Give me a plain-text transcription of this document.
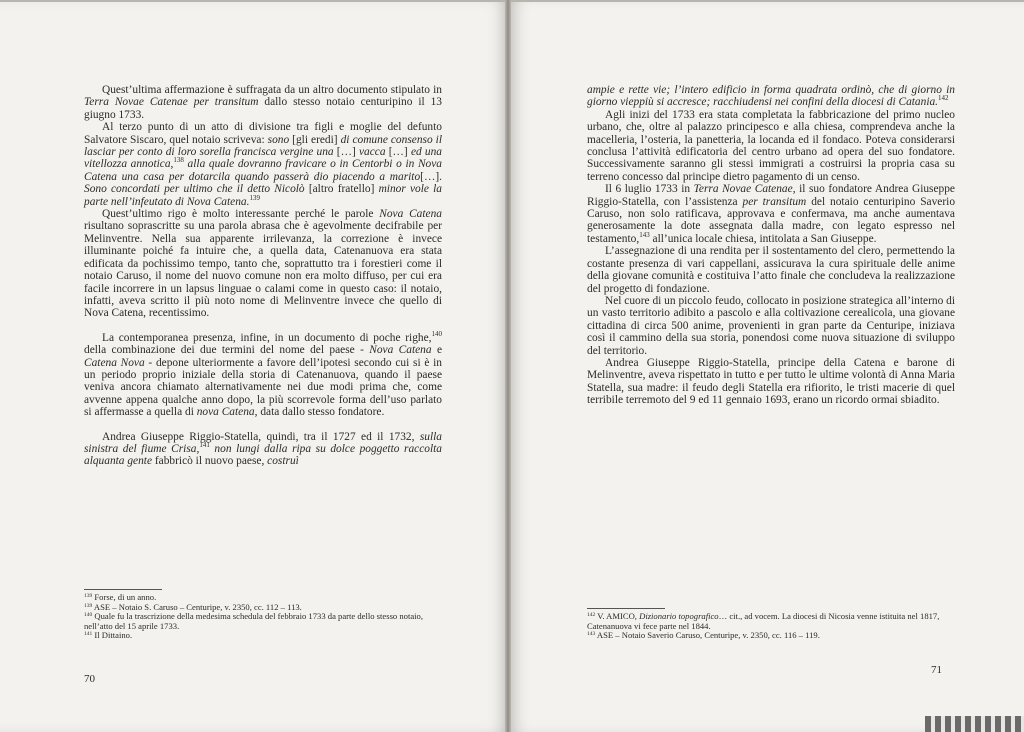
Quest’ultima affermazione è suffragata da un altro documento stipulato in Terra Novae Catenae per transitum dallo stesso notaio centuripino il 13 giugno 1733.

Al terzo punto di un atto di divisione tra figli e moglie del defunto Salvatore Siscaro, quel notaio scriveva: sono [gli eredi] di comune consenso il lasciar per conto di loro sorella francisca vergine una […] vacca […] ed una vitellozza annotica,$^{138}$ alla quale dovranno fravicare o in Centorbi o in Nova Catena una casa per dotarcila quando passerà dio piacendo a marito[…]. Sono concordati per ultimo che il detto Nicolò [altro fratello] minor vole la parte nell’infeutato di Nova Catena.$^{139}$

Quest’ultimo rigo è molto interessante perché le parole Nova Catena risultano soprascritte su una parola abrasa che è agevolmente decifrabile per Melinventre. Nella sua apparente irrilevanza, la correzione è invece illuminante poiché fa intuire che, a quella data, Catenanuova era stata edificata da pochissimo tempo, tanto che, soprattutto tra i forestieri come il notaio Caruso, il nome del nuovo comune non era molto diffuso, per cui era facile incorrere in un lapsus linguae o calami come in questo caso: il notaio, infatti, aveva scritto il più noto nome di Melinventre invece che quello di Nova Catena, recentissimo.

La contemporanea presenza, infine, in un documento di poche righe,$^{140}$ della combinazione dei due termini del nome del paese - Nova Catena e Catena Nova - depone ulteriormente a favore dell’ipotesi secondo cui si è in un periodo proprio iniziale della storia di Catenanuova, quando il paese veniva ancora chiamato alternativamente nei due modi prima che, come avvenne appena qualche anno dopo, la più scorrevole forma dell’uso parlato si affermasse a quella di nova Catena, data dallo stesso fondatore.

Andrea Giuseppe Riggio-Statella, quindi, tra il 1727 ed il 1732, sulla sinistra del fiume Crisa,$^{141}$ non lungi dalla ripa su dolce poggetto raccolta alquanta gente fabbricò il nuovo paese, costruì

$^{139}$ Forse, di un anno.
$^{139}$ ASE – Notaio S. Caruso – Centuripe, v. 2350, cc. 112 – 113.
$^{140}$ Quale fu la trascrizione della medesima schedula del febbraio 1733 da parte dello stesso notaio, nell’atto del 15 aprile 1733.
$^{141}$ Il Dittaino.
70

ampie e rette vie; l’intero edificio in forma quadrata ordinò, che di giorno in giorno vieppiù si accresce; racchiudensi nei confini della diocesi di Catania.$^{142}$

Agli inizi del 1733 era stata completata la fabbricazione del primo nucleo urbano, che, oltre al palazzo principesco e alla chiesa, comprendeva anche la macelleria, l’osteria, la panetteria, la locanda ed il fondaco. Poteva considerarsi conclusa l’attività edificatoria del centro urbano ad opera del suo fondatore. Successivamente saranno gli stessi immigrati a costruirsi la propria casa su terreno concesso dal principe dietro pagamento di un censo.

Il 6 luglio 1733 in Terra Novae Catenae, il suo fondatore Andrea Giuseppe Riggio-Statella, con l’assistenza per transitum del notaio centuripino Saverio Caruso, non solo ratificava, approvava e confermava, ma anche aumentava generosamente la dote assegnata dalla madre, con legato espresso nel testamento,$^{143}$ all’unica locale chiesa, intitolata a San Giuseppe.

L’assegnazione di una rendita per il sostentamento del clero, permettendo la costante presenza di vari cappellani, assicurava la cura spirituale delle anime della giovane comunità e costituiva l’atto finale che concludeva la realizzazione del progetto di fondazione.

Nel cuore di un piccolo feudo, collocato in posizione strategica all’interno di un vasto territorio adibito a pascolo e alla coltivazione cerealicola, una giovane cittadina di circa 500 anime, provenienti in gran parte da Centuripe, iniziava così il cammino della sua storia, ponendosi come nuova situazione di sviluppo del territorio.

Andrea Giuseppe Riggio-Statella, principe della Catena e barone di Melinventre, aveva rispettato in tutto e per tutto le ultime volontà di Anna Maria Statella, sua madre: il feudo degli Statella era rifiorito, le tristi macerie di quel terribile terremoto del 9 ed 11 gennaio 1693, erano un ricordo ormai sbiadito.

$^{142}$ V. AMICO, Dizionario topografico… cit., ad vocem. La diocesi di Nicosia venne istituita nel 1817, Catenanuova vi fece parte nel 1844.
$^{143}$ ASE – Notaio Saverio Caruso, Centuripe, v. 2350, cc. 116 – 119.
71
